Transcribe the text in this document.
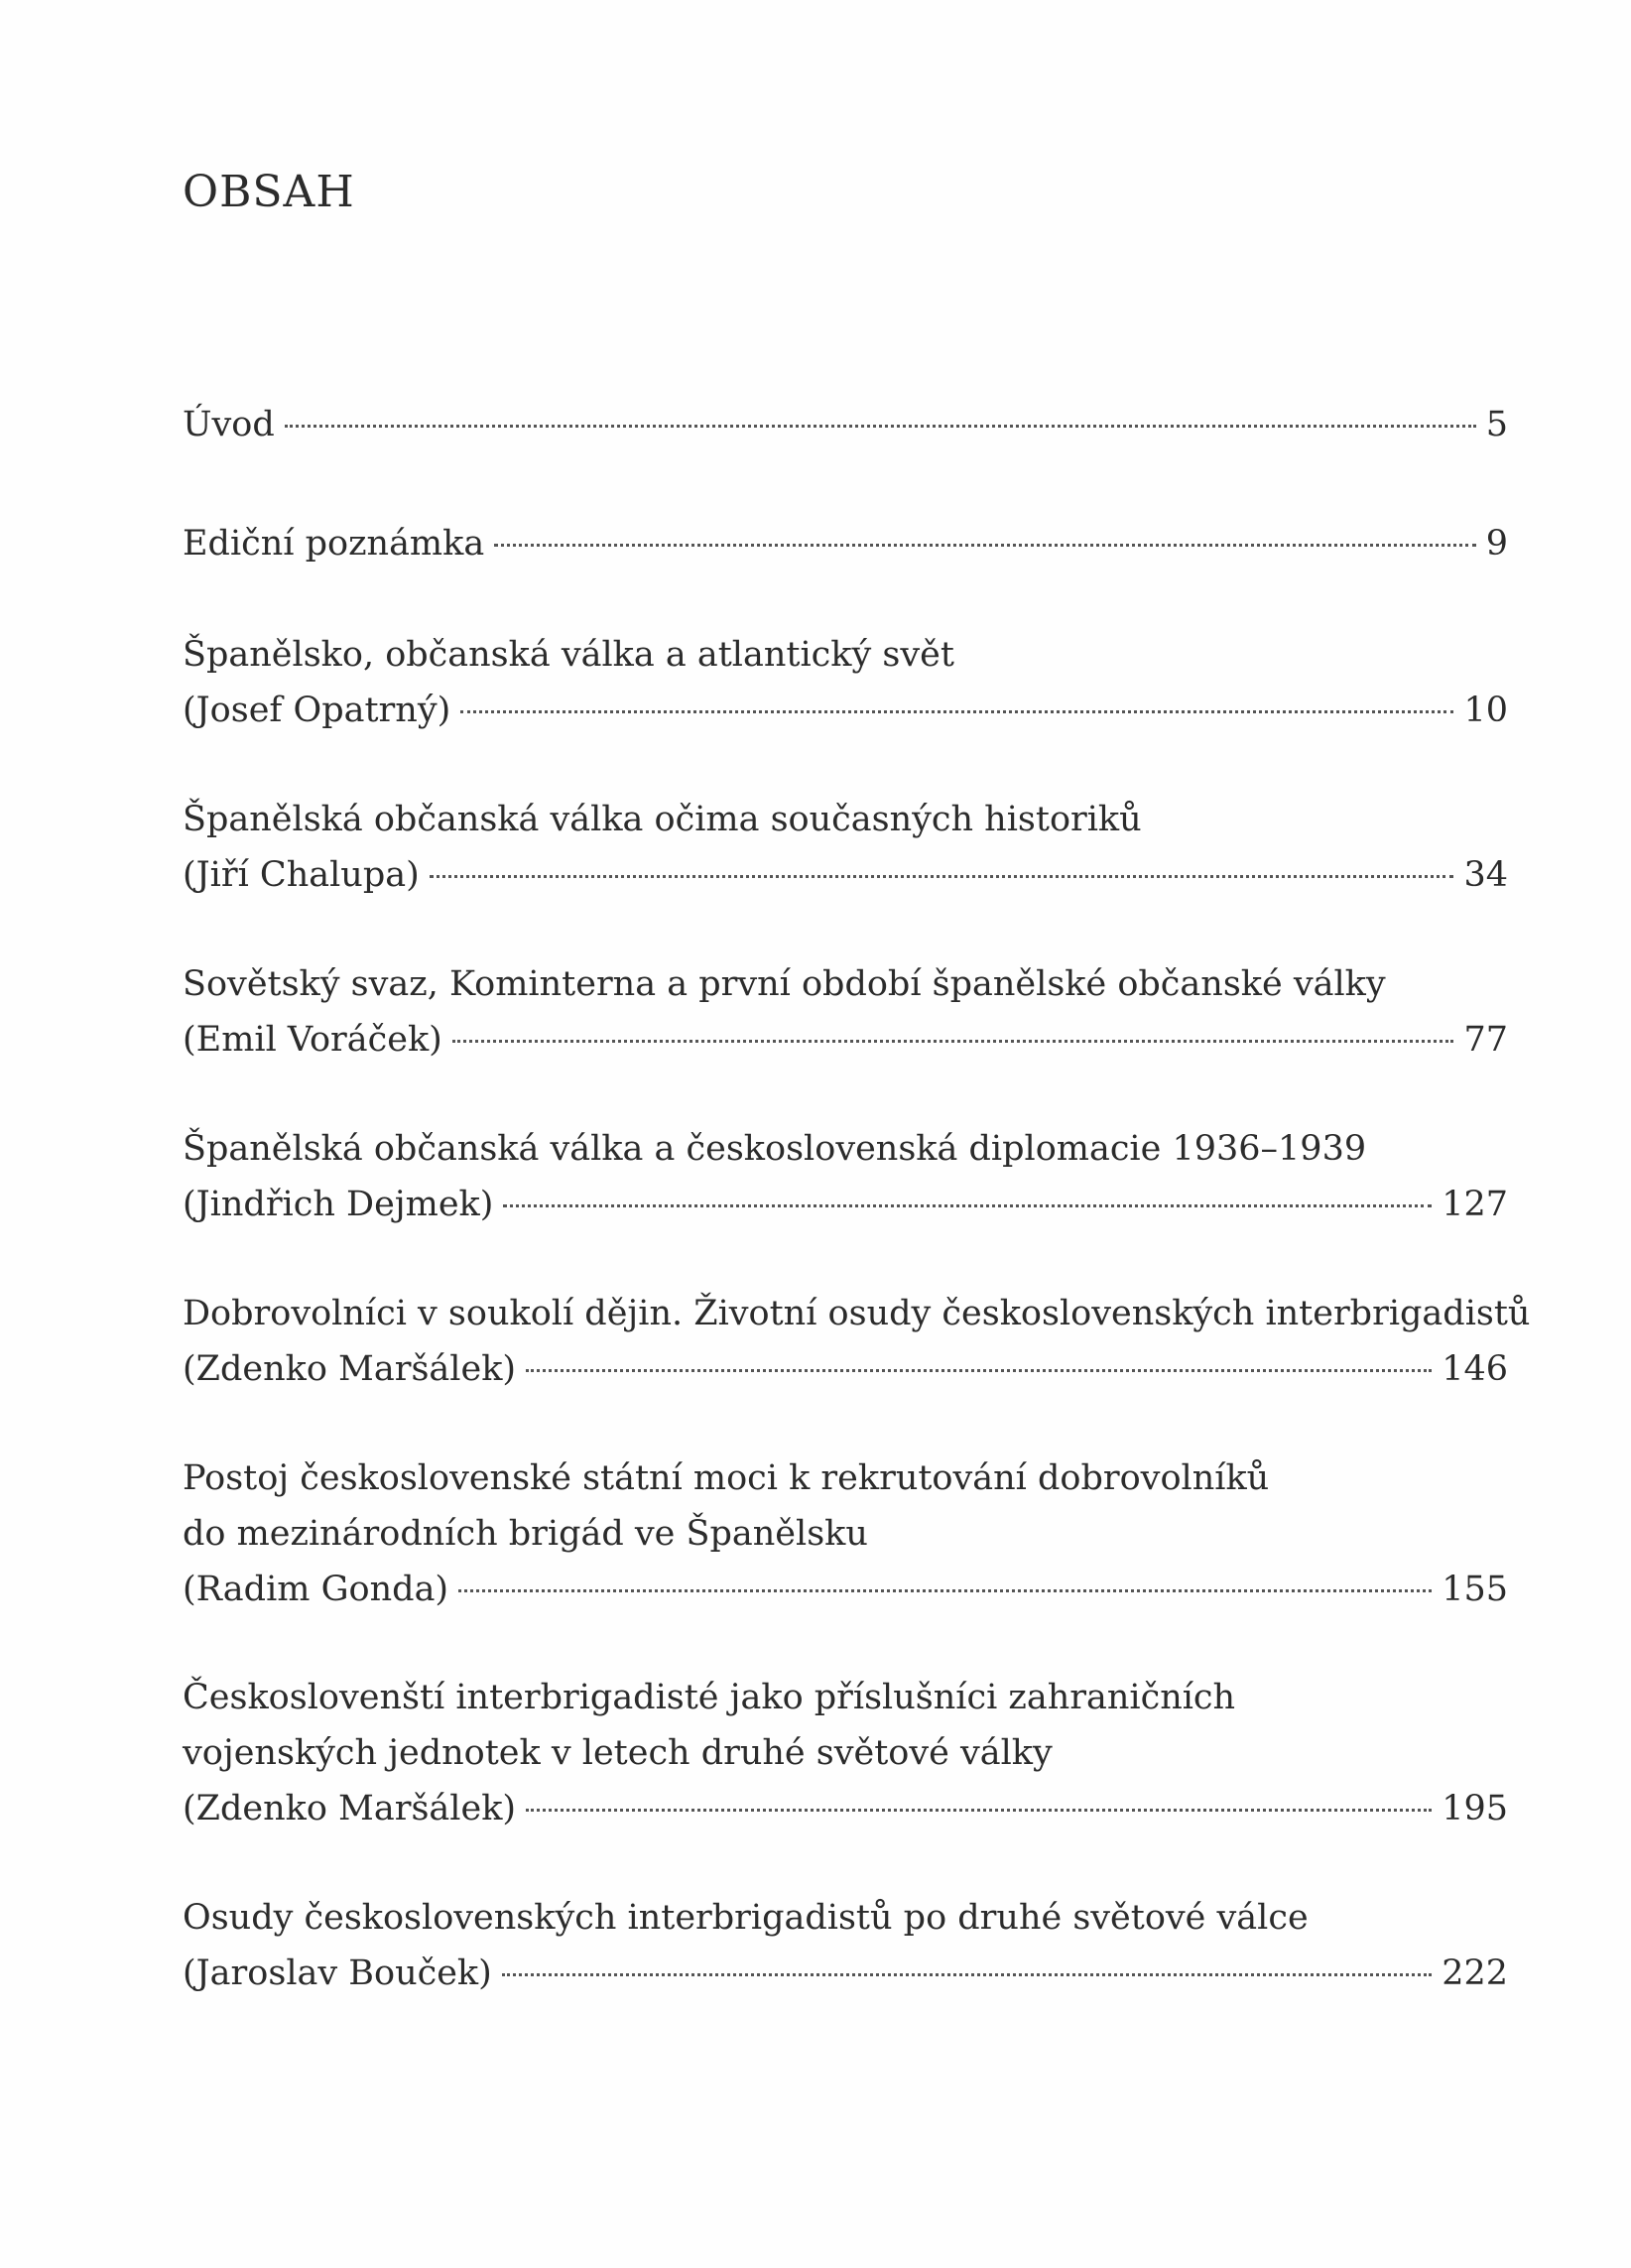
OBSAH
Úvod	5
Ediční poznámka	9
Španělsko, občanská válka a atlantický svět
(Josef Opatrný)	10
Španělská občanská válka očima současných historiků
(Jiří Chalupa)	34
Sovětský svaz, Kominterna a první období španělské občanské války
(Emil Voráček)	77
Španělská občanská válka a československá diplomacie 1936–1939
(Jindřich Dejmek)	127
Dobrovolníci v soukolí dějin. Životní osudy československých interbrigadistů
(Zdenko Maršálek)	146
Postoj československé státní moci k rekrutování dobrovolníků
do mezinárodních brigád ve Španělsku
(Radim Gonda)	155
Českoslovenští interbrigadisté jako příslušníci zahraničních
vojenských jednotek v letech druhé světové války
(Zdenko Maršálek)	195
Osudy československých interbrigadistů po druhé světové válce
(Jaroslav Bouček)	222
